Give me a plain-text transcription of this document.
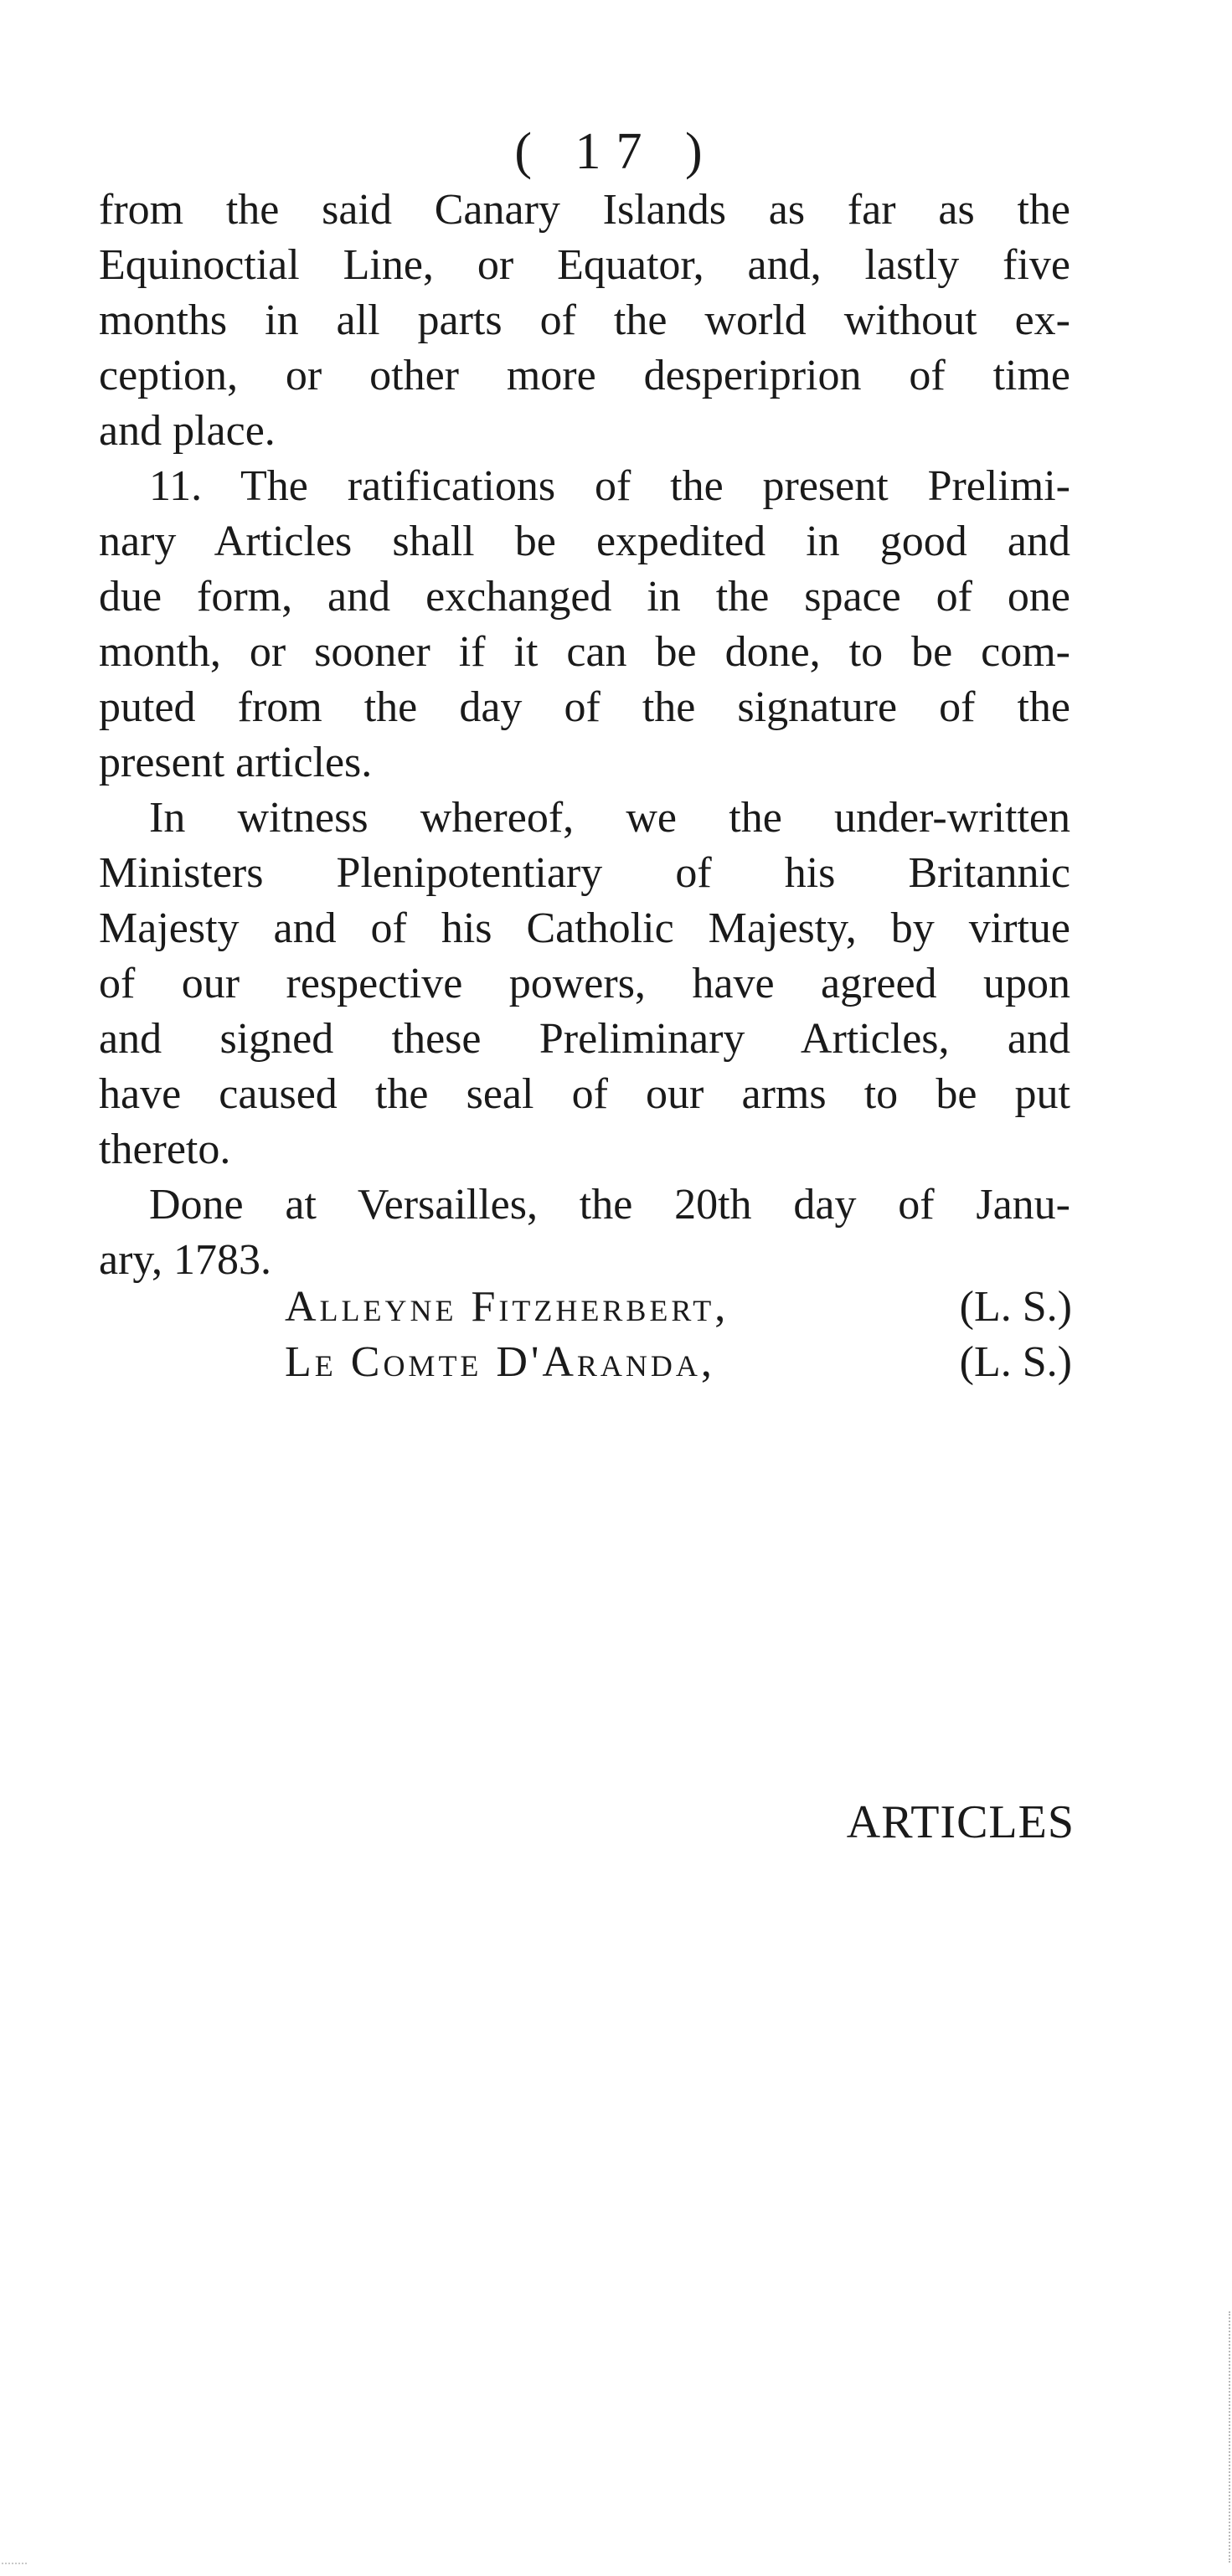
( 17 )
from the said Canary Islands as far as the
Equinoctial Line, or Equator, and, lastly five
months in all parts of the world without ex-
ception, or other more desperiprion of time
and place.
11. The ratifications of the present Prelimi-
nary Articles shall be expedited in good and
due form, and exchanged in the space of one
month, or sooner if it can be done, to be com-
puted from the day of the signature of the
present articles.
In witness whereof, we the under-written
Ministers Plenipotentiary of his Britannic
Majesty and of his Catholic Majesty, by virtue
of our respective powers, have agreed upon
and signed these Preliminary Articles, and
have caused the seal of our arms to be put
thereto.
Done at Versailles, the 20th day of Janu-
ary, 1783.
Alleyne Fitzherbert,	(L. S.)
Le Comte D'Aranda,	(L. S.)
ARTICLES
